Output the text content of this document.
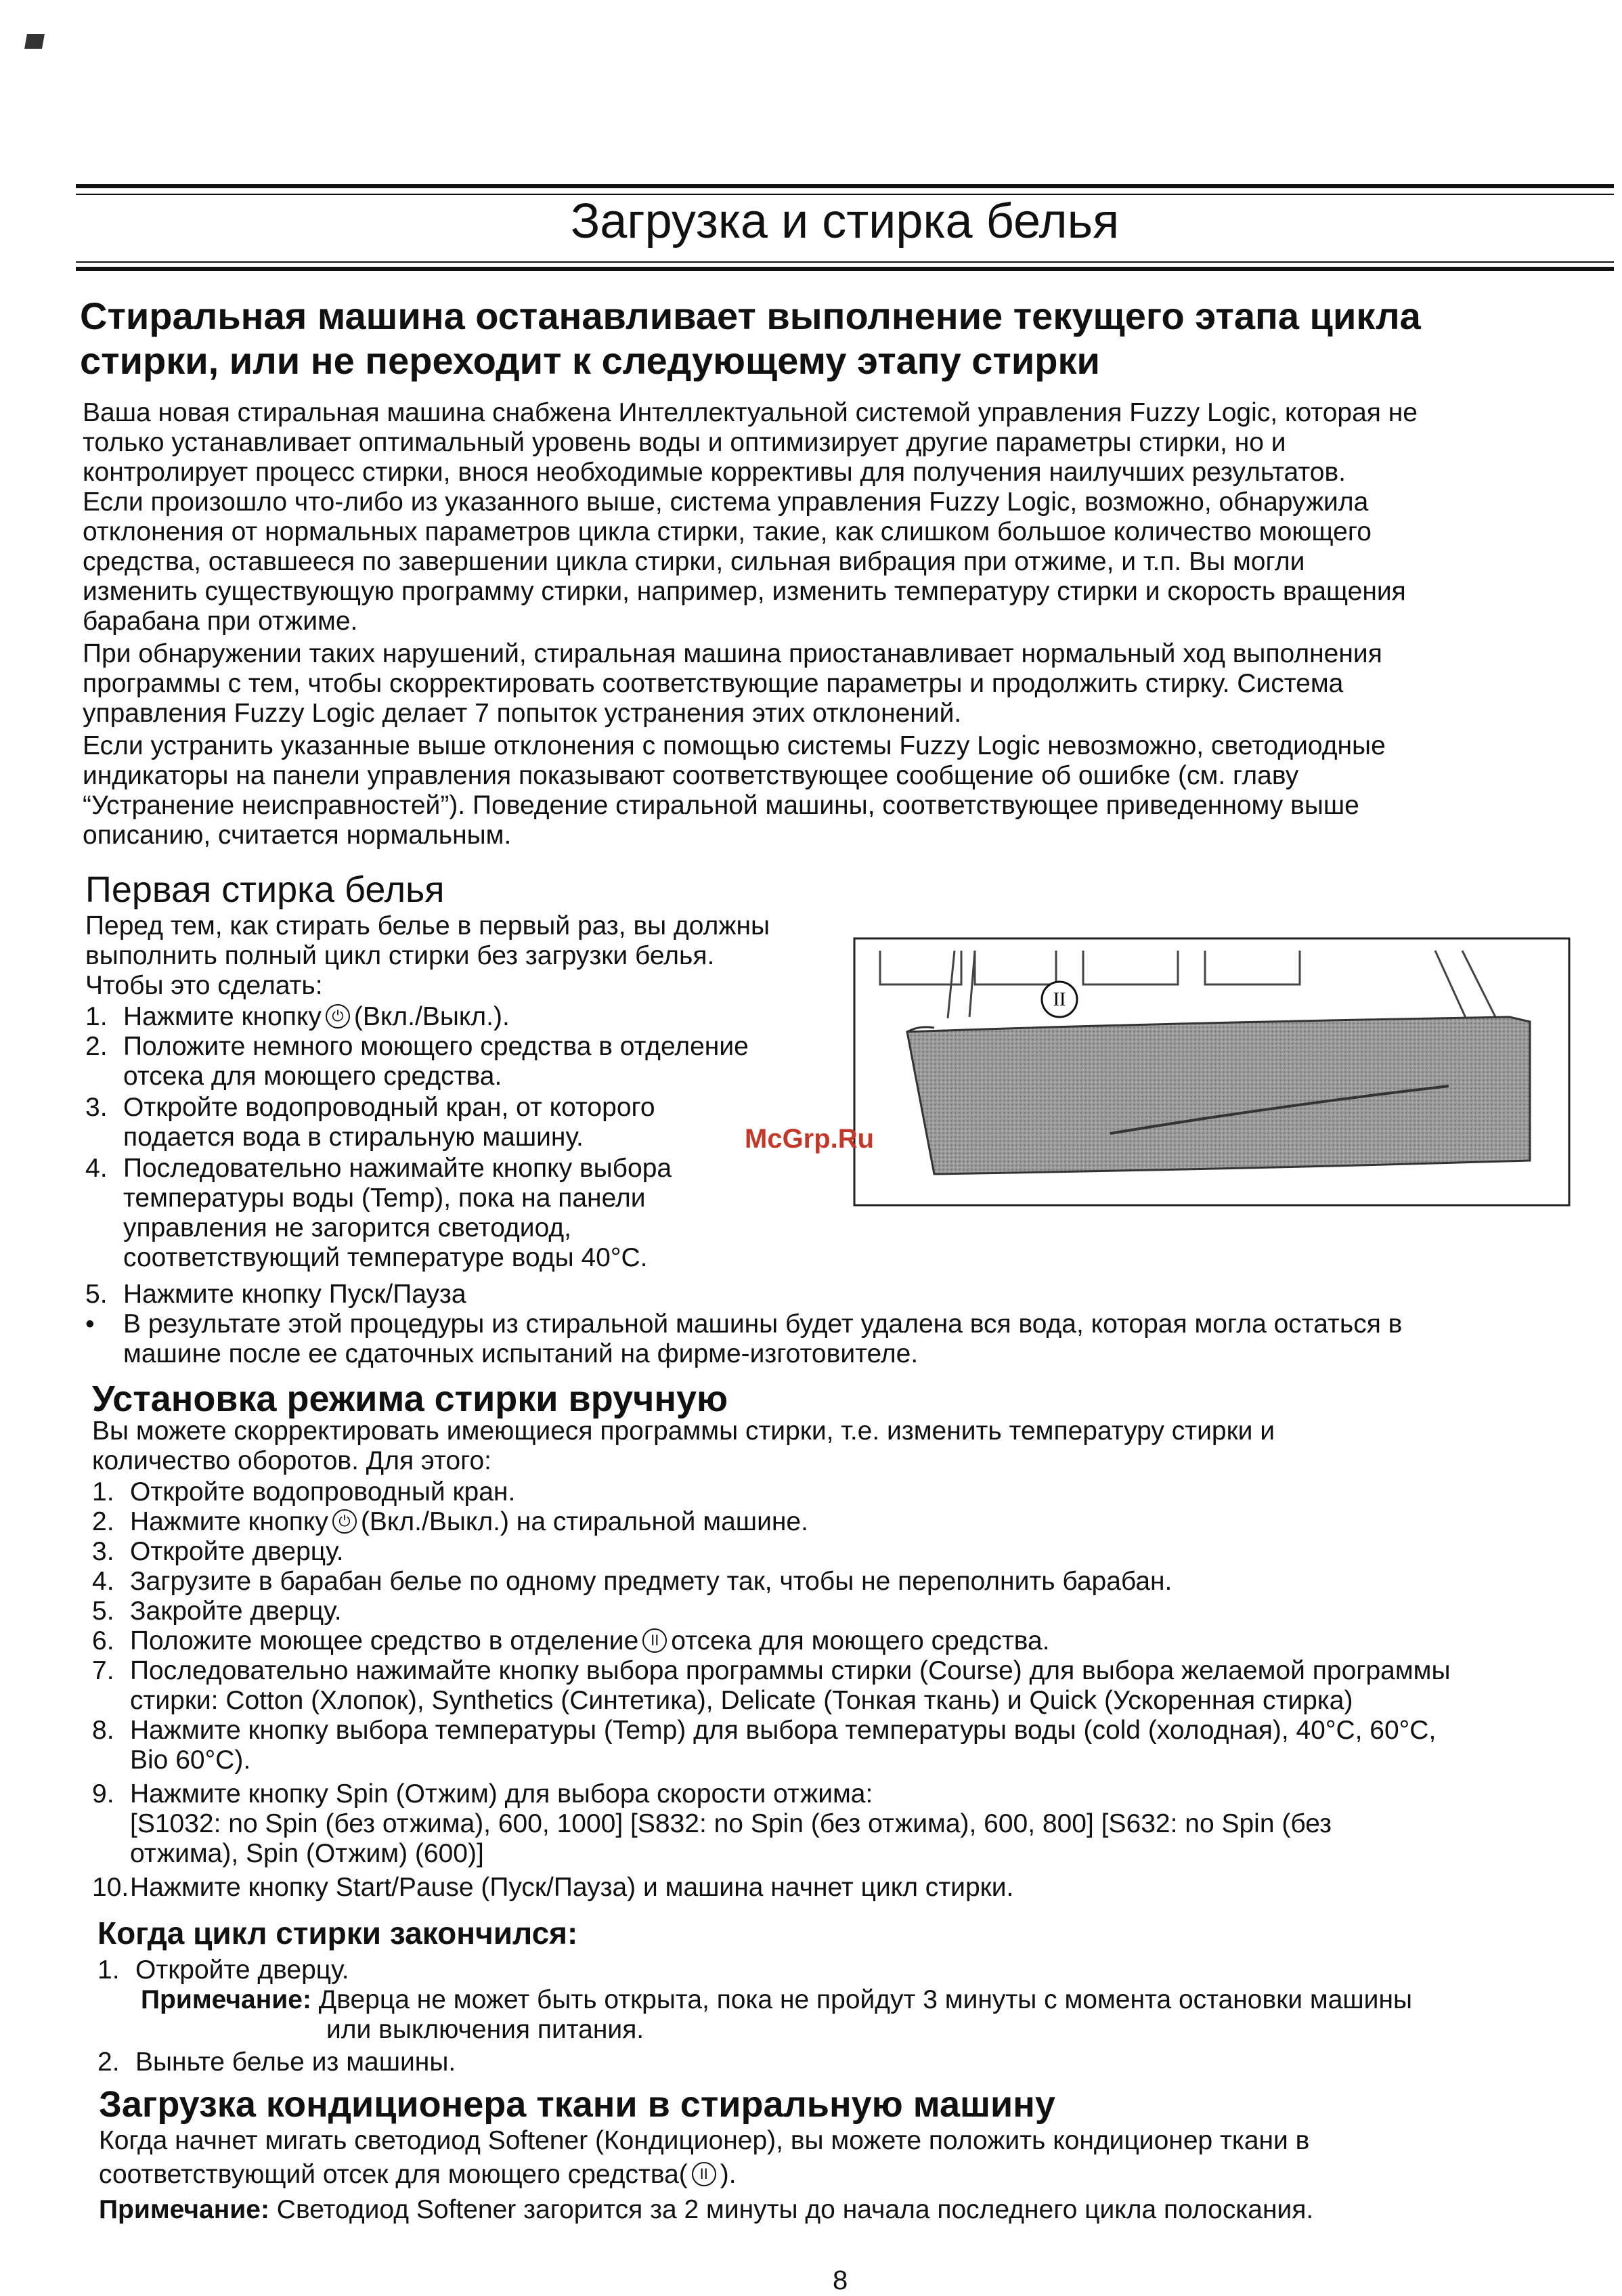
Загрузка и стирка белья
Стиральная машина останавливает выполнение текущего этапа цикла
стирки, или не переходит к следующему этапу стирки
Ваша новая стиральная машина снабжена Интеллектуальной системой управления Fuzzy Logic, которая не
только устанавливает оптимальный уровень воды и оптимизирует другие параметры стирки, но и
контролирует процесс стирки, внося необходимые коррективы для получения наилучших результатов.
Если произошло что-либо из указанного выше, система управления Fuzzy Logic, возможно, обнаружила
отклонения от нормальных параметров цикла стирки, такие, как слишком большое количество моющего
средства, оставшееся по завершении цикла стирки, сильная вибрация при отжиме, и т.п. Вы могли
изменить существующую программу стирки, например, изменить температуру стирки и скорость вращения
барабана при отжиме.
При обнаружении таких нарушений, стиральная машина приостанавливает нормальный ход выполнения
программы с тем, чтобы скорректировать соответствующие параметры и продолжить стирку. Система
управления Fuzzy Logic делает 7 попыток устранения этих отклонений.
Если устранить указанные выше отклонения с помощью системы Fuzzy Logic невозможно, светодиодные
индикаторы на панели управления показывают соответствующее сообщение об ошибке (см. главу
“Устранение неисправностей”). Поведение стиральной машины, соответствующее приведенному выше
описанию, считается нормальным.
Первая стирка белья
Перед тем, как стирать белье в первый раз, вы должны
выполнить полный цикл стирки без загрузки белья.
Чтобы это сделать:
1. Нажмите кнопку ⏻ (Вкл./Выкл.).
2. Положите немного моющего средства в отделение
отсека для моющего средства.
3. Откройте водопроводный кран, от которого
подается вода в стиральную машину.
4. Последовательно нажимайте кнопку выбора
температуры воды (Temp), пока на панели
управления не загорится светодиод,
соответствующий температуре воды 40°C.
5. Нажмите кнопку Пуск/Пауза
• В результате этой процедуры из стиральной машины будет удалена вся вода, которая могла остаться в
машине после ее сдаточных испытаний на фирме-изготовителе.
II
McGrp.Ru
Установка режима стирки вручную
Вы можете скорректировать имеющиеся программы стирки, т.е. изменить температуру стирки и
количество оборотов. Для этого:
1. Откройте водопроводный кран.
2. Нажмите кнопку ⏻ (Вкл./Выкл.) на стиральной машине.
3. Откройте дверцу.
4. Загрузите в барабан белье по одному предмету так, чтобы не переполнить барабан.
5. Закройте дверцу.
6. Положите моющее средство в отделение II отсека для моющего средства.
7. Последовательно нажимайте кнопку выбора программы стирки (Course) для выбора желаемой программы
стирки: Cotton (Хлопок), Synthetics (Синтетика), Delicate (Тонкая ткань) и Quick (Ускоренная стирка)
8. Нажмите кнопку выбора температуры (Temp) для выбора температуры воды (cold (холодная), 40°C, 60°C,
Bio 60°C).
9. Нажмите кнопку Spin (Отжим) для выбора скорости отжима:
[S1032: no Spin (без отжима), 600, 1000] [S832: no Spin (без отжима), 600, 800] [S632: no Spin (без
отжима), Spin (Отжим) (600)]
10.Нажмите кнопку Start/Pause (Пуск/Пауза) и машина начнет цикл стирки.
Когда цикл стирки закончился:
1. Откройте дверцу.
Примечание: Дверца не может быть открыта, пока не пройдут 3 минуты с момента остановки машины
или выключения питания.
2. Выньте белье из машины.
Загрузка кондиционера ткани в стиральную машину
Когда начнет мигать светодиод Softener (Кондиционер), вы можете положить кондиционер ткани в
соответствующий отсек для моющего средства( II ).
Примечание: Светодиод Softener загорится за 2 минуты до начала последнего цикла полоскания.
8
